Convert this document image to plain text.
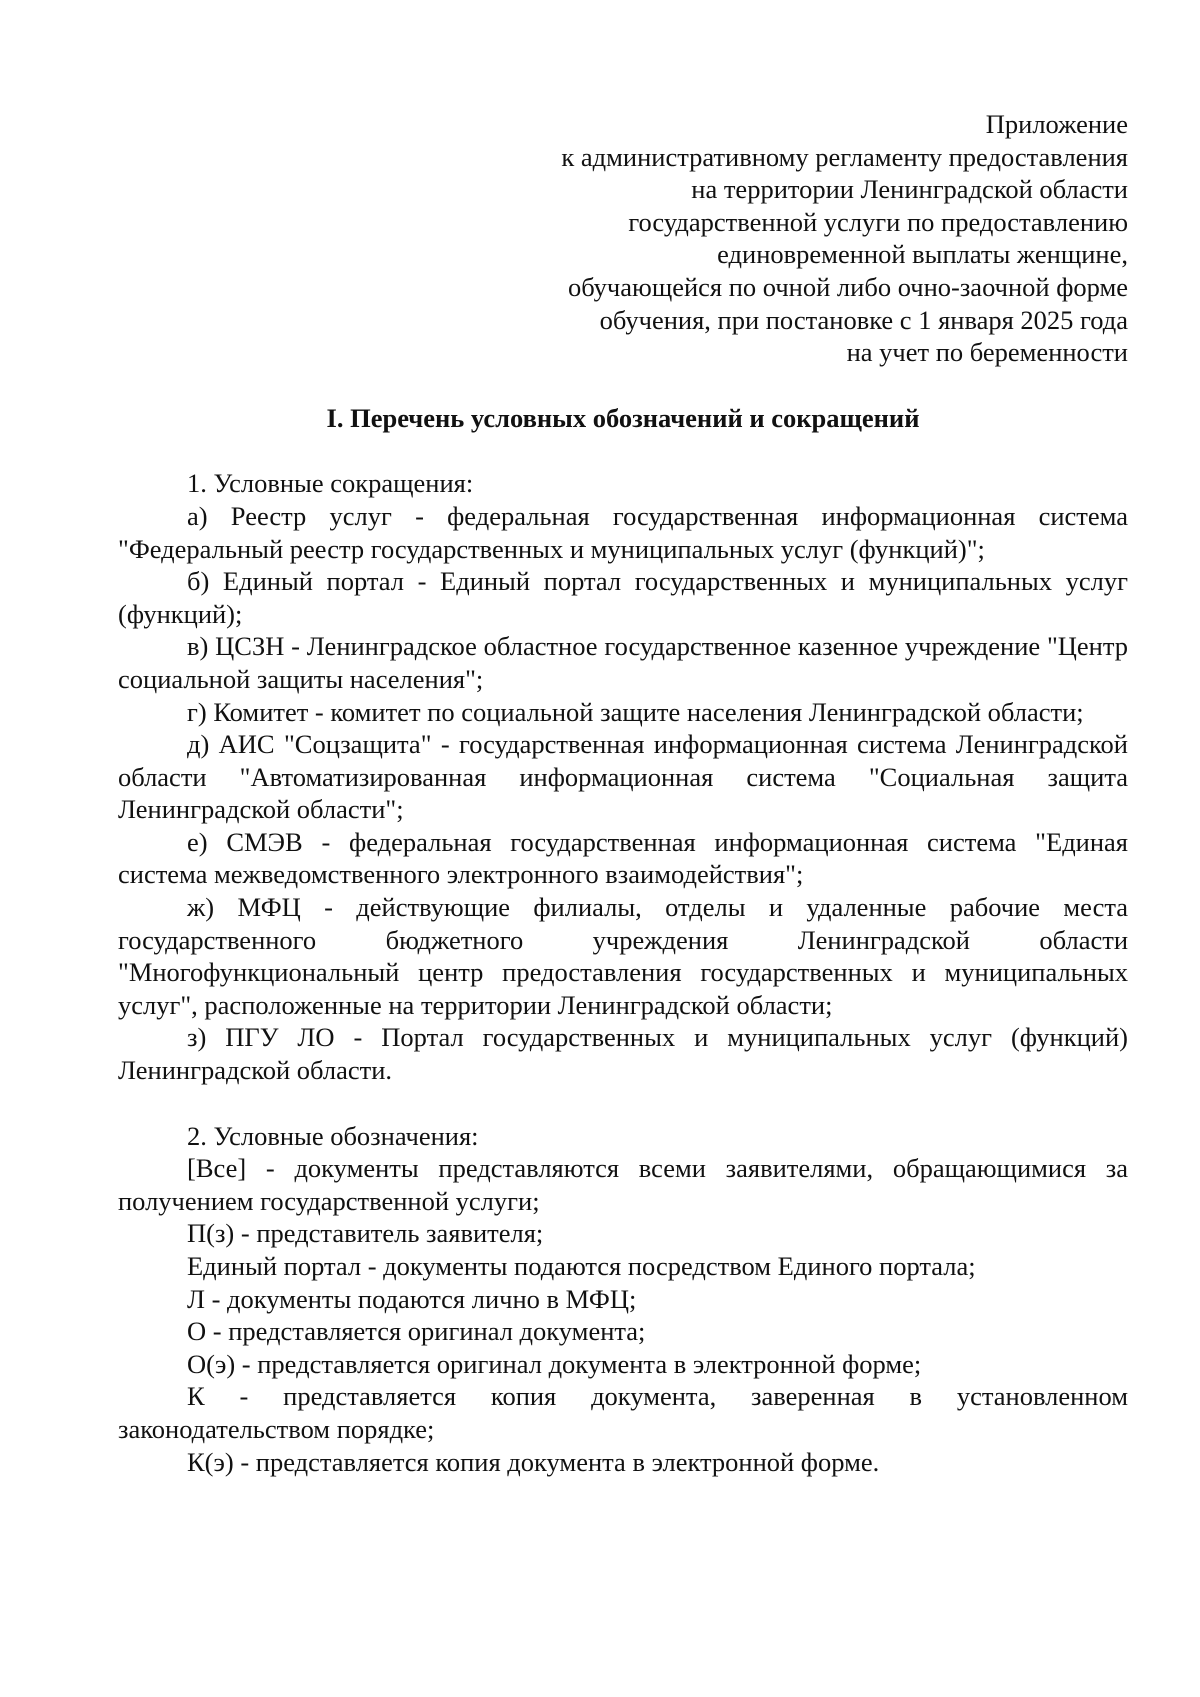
Приложение
к административному регламенту предоставления
на территории Ленинградской области
государственной услуги по предоставлению
единовременной выплаты женщине,
обучающейся по очной либо очно-заочной форме
обучения, при постановке с 1 января 2025 года
на учет по беременности
I. Перечень условных обозначений и сокращений

1. Условные сокращения:

а) Реестр услуг - федеральная государственная информационная система "Федеральный реестр государственных и муниципальных услуг (функций)";

б) Единый портал - Единый портал государственных и муниципальных услуг (функций);

в) ЦСЗН - Ленинградское областное государственное казенное учреждение "Центр социальной защиты населения";

г) Комитет - комитет по социальной защите населения Ленинградской области;

д) АИС "Соцзащита" - государственная информационная система Ленинградской области "Автоматизированная информационная система "Социальная защита Ленинградской области";

е) СМЭВ - федеральная государственная информационная система "Единая система межведомственного электронного взаимодействия";

ж) МФЦ - действующие филиалы, отделы и удаленные рабочие места государственного бюджетного учреждения Ленинградской области "Многофункциональный центр предоставления государственных и муниципальных услуг", расположенные на территории Ленинградской области;

з) ПГУ ЛО - Портал государственных и муниципальных услуг (функций) Ленинградской области.

2. Условные обозначения:

[Все] - документы представляются всеми заявителями, обращающимися за получением государственной услуги;

П(з) - представитель заявителя;

Единый портал - документы подаются посредством Единого портала;

Л - документы подаются лично в МФЦ;

О - представляется оригинал документа;

О(э) - представляется оригинал документа в электронной форме;

К - представляется копия документа, заверенная в установленном законодательством порядке;

К(э) - представляется копия документа в электронной форме.
